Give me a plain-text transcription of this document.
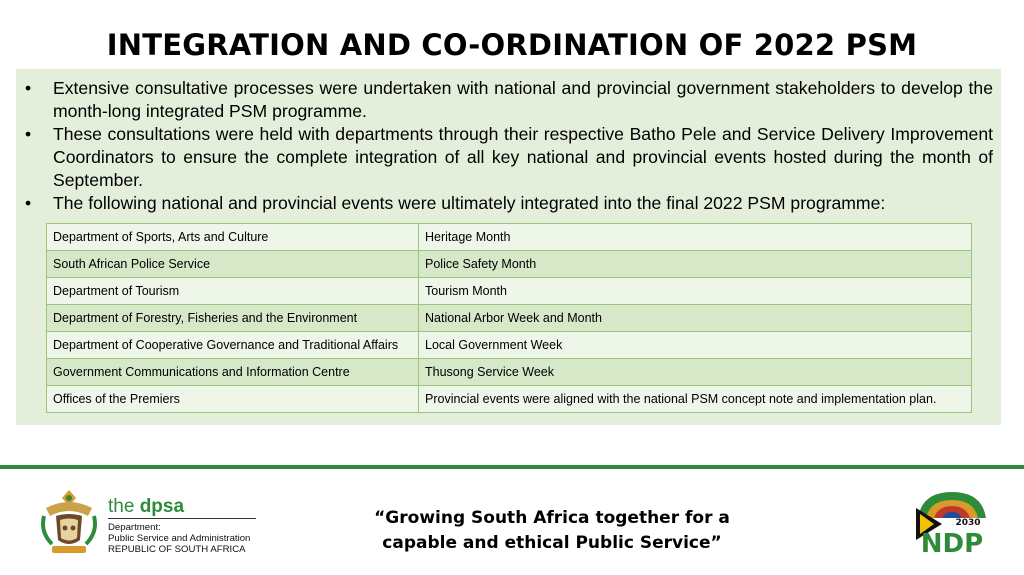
INTEGRATION AND CO-ORDINATION OF 2022 PSM
• Extensive consultative processes were undertaken with national and provincial government stakeholders to develop the month-long integrated PSM programme.
• These consultations were held with departments through their respective Batho Pele and Service Delivery Improvement Coordinators to ensure the complete integration of all key national and provincial events hosted during the month of September.
• The following national and provincial events were ultimately integrated into the final 2022 PSM programme:
Department of Sports, Arts and Culture	Heritage Month
South African Police Service	Police Safety Month
Department of Tourism	Tourism Month
Department of Forestry, Fisheries and the Environment	National Arbor Week and Month
Department of Cooperative Governance and Traditional Affairs	Local Government Week
Government Communications and Information Centre	Thusong Service Week
Offices of the Premiers	Provincial events were aligned with the national PSM concept note and implementation plan.
the dpsa
Department:
Public Service and Administration
REPUBLIC OF SOUTH AFRICA
“Growing South Africa together for a
capable and ethical Public Service”
2030
NDP
